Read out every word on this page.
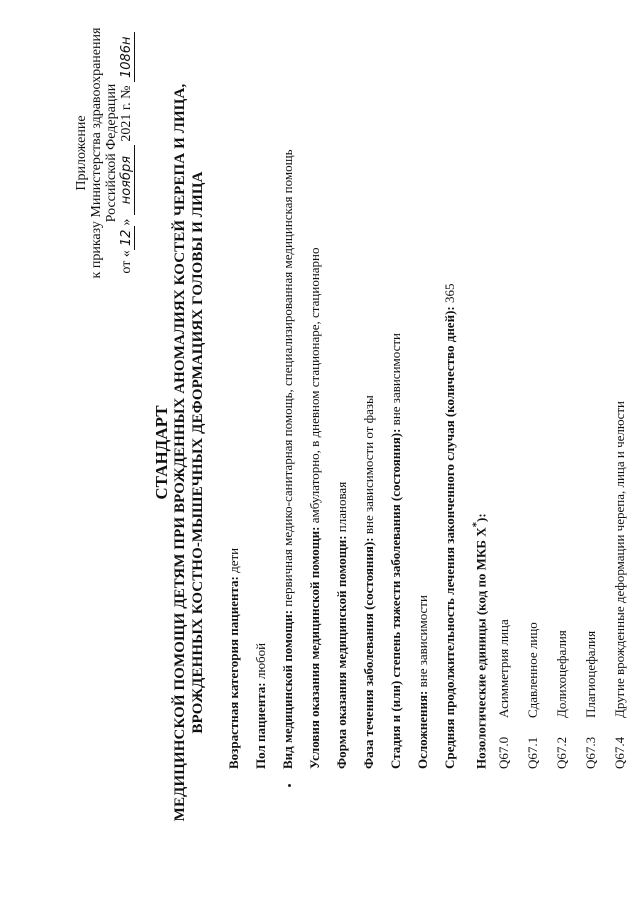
Приложение к приказу Министерства здравоохранения Российской Федерации
от «12» ноября 2021 г. № 1086н
СТАНДАРТ МЕДИЦИНСКОЙ ПОМОЩИ ДЕТЯМ ПРИ ВРОЖДЕННЫХ АНОМАЛИЯХ КОСТЕЙ ЧЕРЕПА И ЛИЦА, ВРОЖДЕННЫХ КОСТНО-МЫШЕЧНЫХ ДЕФОРМАЦИЯХ ГОЛОВЫ И ЛИЦА Возрастная категория пациента: дети
Пол пациента: любой Вид медицинской помощи: первичная медико-санитарная помощь, специализированная медицинская помощь
Условия оказания медицинской помощи: амбулаторно, в дневном стационаре, стационарно
Форма оказания медицинской помощи: плановая
Фаза течения заболевания (состояния): вне зависимости от фазы Стадия и (или) степень тяжести заболевания (состояния): вне зависимости
Осложнения: вне зависимости Средняя продолжительность лечения законченного случая (количество дней): 365
Нозологические единицы (код по МКБ X*):
Q67.0Асимметрия лица
Q67.1Сдавленное лицо
Q67.2Долихоцефалия
Q67.3Плагиоцефалия
Q67.4Другие врожденные деформации черепа, лица и челюсти
